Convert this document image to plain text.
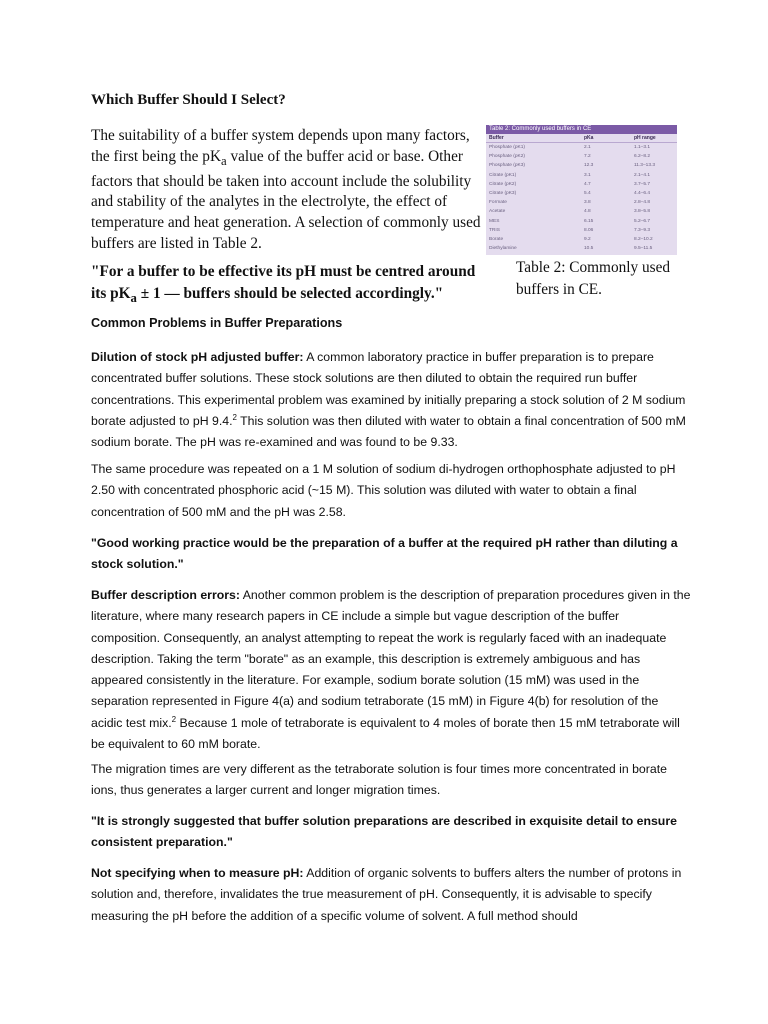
Which Buffer Should I Select?

The suitability of a buffer system depends upon many factors, the first being the $pK_a$ value of the buffer acid or base. Other factors that should be taken into account include the solubility and stability of the analytes in the electrolyte, the effect of temperature and heat generation. A selection of commonly used buffers are listed in Table 2.

"For a buffer to be effective its pH must be centred around its $pK_a \pm 1$ — buffers should be selected accordingly."

Table 2: Commonly used buffers in CE
Buffer	pKa	pH range
Phosphate (pK1)	2.1	1.1–3.1
Phosphate (pK2)	7.2	6.2–8.2
Phosphate (pK3)	12.3	11.3–13.3
Citrate (pK1)	3.1	2.1–4.1
Citrate (pK2)	4.7	3.7–5.7
Citrate (pK3)	5.4	4.4–6.4
Formate	3.8	2.8–4.8
Acetate	4.8	3.8–5.8
MES	6.15	5.2–6.7
TRIS	8.06	7.3–9.3
Borate	9.2	8.2–10.2
Diethylamine	10.5	9.5–11.5

Table 2: Commonly used buffers in CE.

Common Problems in Buffer Preparations

Dilution of stock pH adjusted buffer: A common laboratory practice in buffer preparation is to prepare concentrated buffer solutions. These stock solutions are then diluted to obtain the required run buffer concentrations. This experimental problem was examined by initially preparing a stock solution of 2 M sodium borate adjusted to pH 9.4.$^2$ This solution was then diluted with water to obtain a final concentration of 500 mM sodium borate. The pH was re-examined and was found to be 9.33.

The same procedure was repeated on a 1 M solution of sodium di-hydrogen orthophosphate adjusted to pH 2.50 with concentrated phosphoric acid (~15 M). This solution was diluted with water to obtain a final concentration of 500 mM and the pH was 2.58.

"Good working practice would be the preparation of a buffer at the required pH rather than diluting a stock solution."

Buffer description errors: Another common problem is the description of preparation procedures given in the literature, where many research papers in CE include a simple but vague description of the buffer composition. Consequently, an analyst attempting to repeat the work is regularly faced with an inadequate description. Taking the term "borate" as an example, this description is extremely ambiguous and has appeared consistently in the literature. For example, sodium borate solution (15 mM) was used in the separation represented in Figure 4(a) and sodium tetraborate (15 mM) in Figure 4(b) for resolution of the acidic test mix.$^2$ Because 1 mole of tetraborate is equivalent to 4 moles of borate then 15 mM tetraborate will be equivalent to 60 mM borate.

The migration times are very different as the tetraborate solution is four times more concentrated in borate ions, thus generates a larger current and longer migration times.

"It is strongly suggested that buffer solution preparations are described in exquisite detail to ensure consistent preparation."

Not specifying when to measure pH: Addition of organic solvents to buffers alters the number of protons in solution and, therefore, invalidates the true measurement of pH. Consequently, it is advisable to specify measuring the pH before the addition of a specific volume of solvent. A full method should
